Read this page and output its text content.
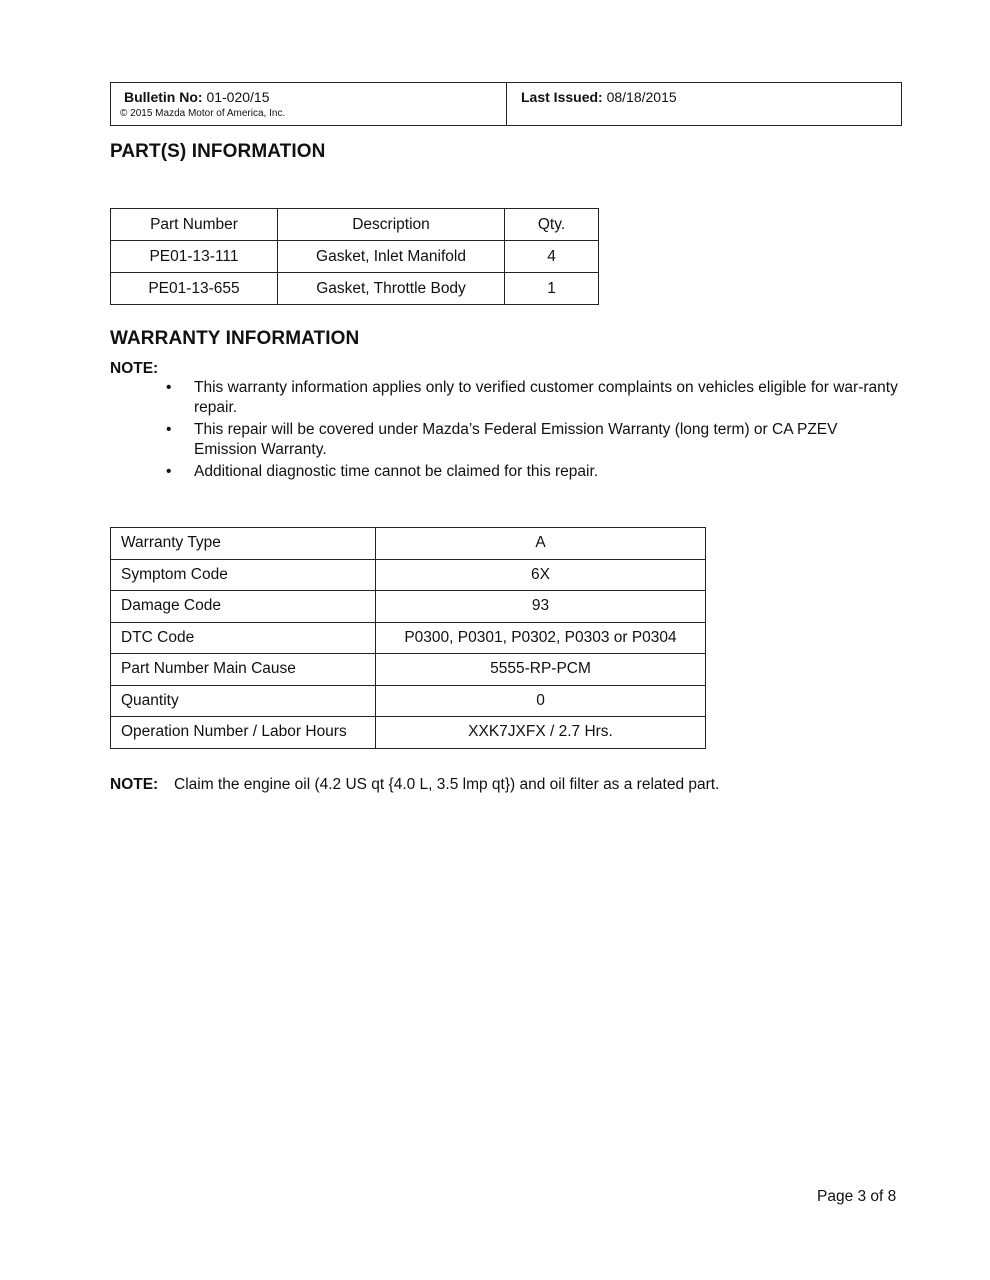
Bulletin No: 01-020/15
© 2015 Mazda Motor of America, Inc.
Last Issued: 08/18/2015
PART(S) INFORMATION
Part Number	Description	Qty.
PE01-13-111	Gasket, Inlet Manifold	4
PE01-13-655	Gasket, Throttle Body	1
WARRANTY INFORMATION
NOTE:
• This warranty information applies only to verified customer complaints on vehicles eligible for war-ranty repair.
• This repair will be covered under Mazda’s Federal Emission Warranty (long term) or CA PZEV Emission Warranty.
• Additional diagnostic time cannot be claimed for this repair.
Warranty Type	A
Symptom Code	6X
Damage Code	93
DTC Code	P0300, P0301, P0302, P0303 or P0304
Part Number Main Cause	5555-RP-PCM
Quantity	0
Operation Number / Labor Hours	XXK7JXFX / 2.7 Hrs.
NOTE: Claim the engine oil (4.2 US qt {4.0 L, 3.5 lmp qt}) and oil filter as a related part.
Page 3 of 8
